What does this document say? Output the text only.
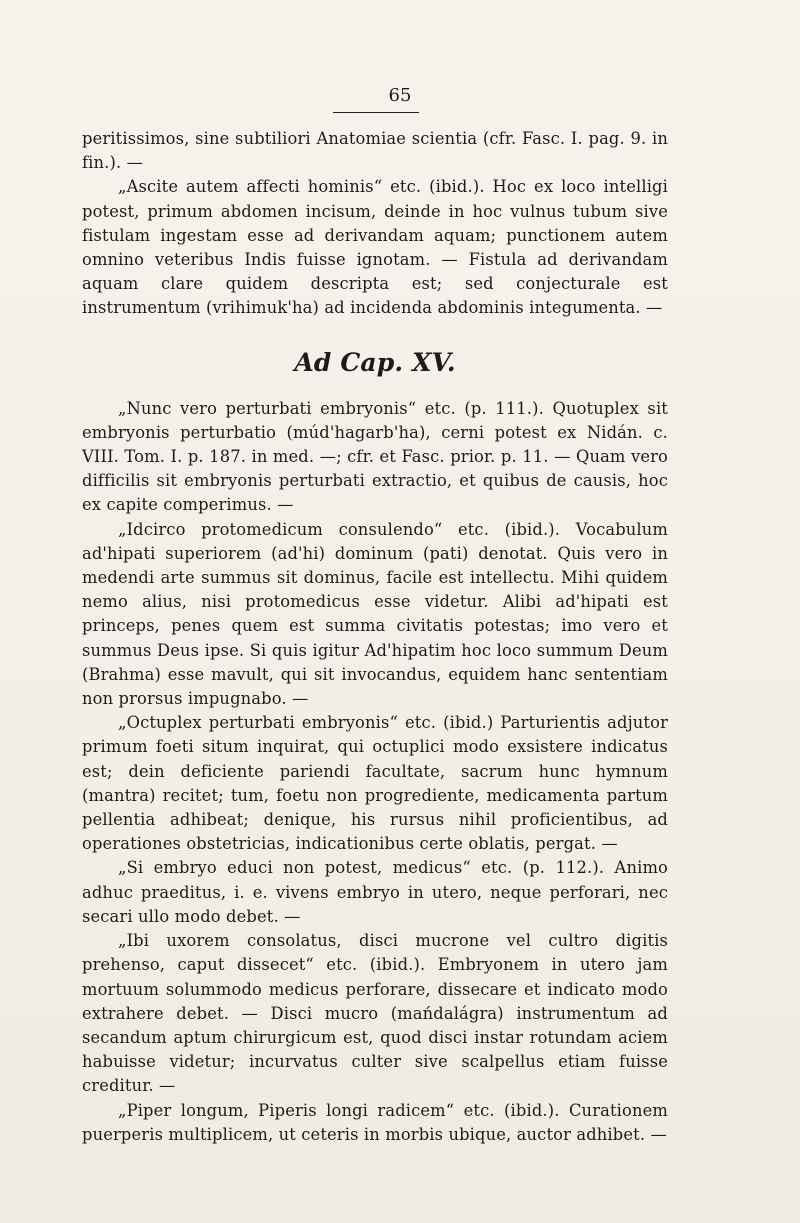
65

peritissimos, sine subtiliori Anatomiae scientia (cfr. Fasc. I. pag. 9. in fin.). —

„Ascite autem affecti hominis“ etc. (ibid.). Hoc ex loco intelligi potest, primum abdomen incisum, deinde in hoc vulnus tubum sive fistulam ingestam esse ad derivandam aquam; punctionem autem omnino veteribus Indis fuisse ignotam. — Fistula ad derivandam aquam clare quidem descripta est; sed conjecturale est instrumentum (vrihimuk'ha) ad incidenda abdominis integumenta. —

Ad Cap. XV.

„Nunc vero perturbati embryonis“ etc. (p. 111.). Quotuplex sit embryonis perturbatio (múd'hagarb'ha), cerni potest ex Nidán. c. VIII. Tom. I. p. 187. in med. —; cfr. et Fasc. prior. p. 11. — Quam vero difficilis sit embryonis perturbati extractio, et quibus de causis, hoc ex capite comperimus. —

„Idcirco protomedicum consulendo“ etc. (ibid.). Vocabulum ad'hipati superiorem (ad'hi) dominum (pati) denotat. Quis vero in medendi arte summus sit dominus, facile est intellectu. Mihi quidem nemo alius, nisi protomedicus esse videtur. Alibi ad'hipati est princeps, penes quem est summa civitatis potestas; imo vero et summus Deus ipse. Si quis igitur Ad'hipatim hoc loco summum Deum (Brahma) esse mavult, qui sit invocandus, equidem hanc sententiam non prorsus impugnabo. —

„Octuplex perturbati embryonis“ etc. (ibid.) Parturientis adjutor primum foeti situm inquirat, qui octuplici modo exsistere indicatus est; dein deficiente pariendi facultate, sacrum hunc hymnum (mantra) recitet; tum, foetu non progrediente, medicamenta partum pellentia adhibeat; denique, his rursus nihil proficientibus, ad operationes obstetricias, indicationibus certe oblatis, pergat. —

„Si embryo educi non potest, medicus“ etc. (p. 112.). Animo adhuc praeditus, i. e. vivens embryo in utero, neque perforari, nec secari ullo modo debet. —

„Ibi uxorem consolatus, disci mucrone vel cultro digitis prehenso, caput dissecet“ etc. (ibid.). Embryonem in utero jam mortuum solummodo medicus perforare, dissecare et indicato modo extrahere debet. — Disci mucro (mańdalágra) instrumentum ad secandum aptum chirurgicum est, quod disci instar rotundam aciem habuisse videtur; incurvatus culter sive scalpellus etiam fuisse creditur. —

„Piper longum, Piperis longi radicem“ etc. (ibid.). Curationem puerperis multiplicem, ut ceteris in morbis ubique, auctor adhibet. —
